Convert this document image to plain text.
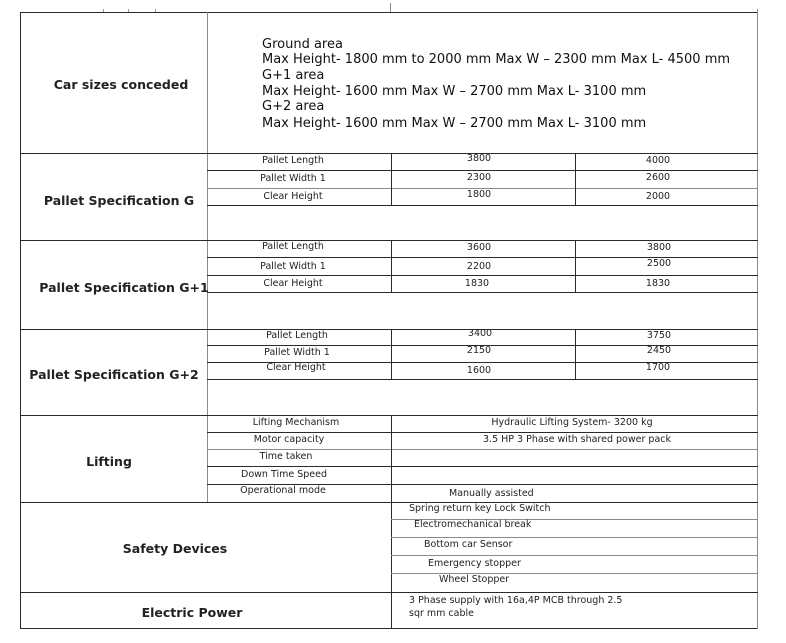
Car sizes conceded
Ground area
Max Height- 1800 mm to 2000 mm Max W – 2300 mm Max L- 4500 mm
G+1 area
Max Height- 1600 mm Max W – 2700 mm Max L- 3100 mm
G+2 area
Max Height- 1600 mm Max W – 2700 mm Max L- 3100 mm
Pallet Specification G
Pallet Length	3800	4000
Pallet Width 1	2300	2600
Clear Height	1800	2000
Pallet Specification G+1
Pallet Length	3600	3800
Pallet Width 1	2200	2500
Clear Height	1830	1830
Pallet Specification G+2
Pallet Length	3400	3750
Pallet Width 1	2150	2450
Clear Height	1600	1700
Lifting
Lifting Mechanism	Hydraulic Lifting System- 3200 kg
Motor capacity	3.5 HP 3 Phase with shared power pack
Time taken
Down Time Speed
Operational mode	Manually assisted
Safety Devices
Spring return key Lock Switch
Electromechanical break
Bottom car Sensor
Emergency stopper
Wheel Stopper
Electric Power
3 Phase supply with 16a,4P MCB through 2.5
sqr mm cable
